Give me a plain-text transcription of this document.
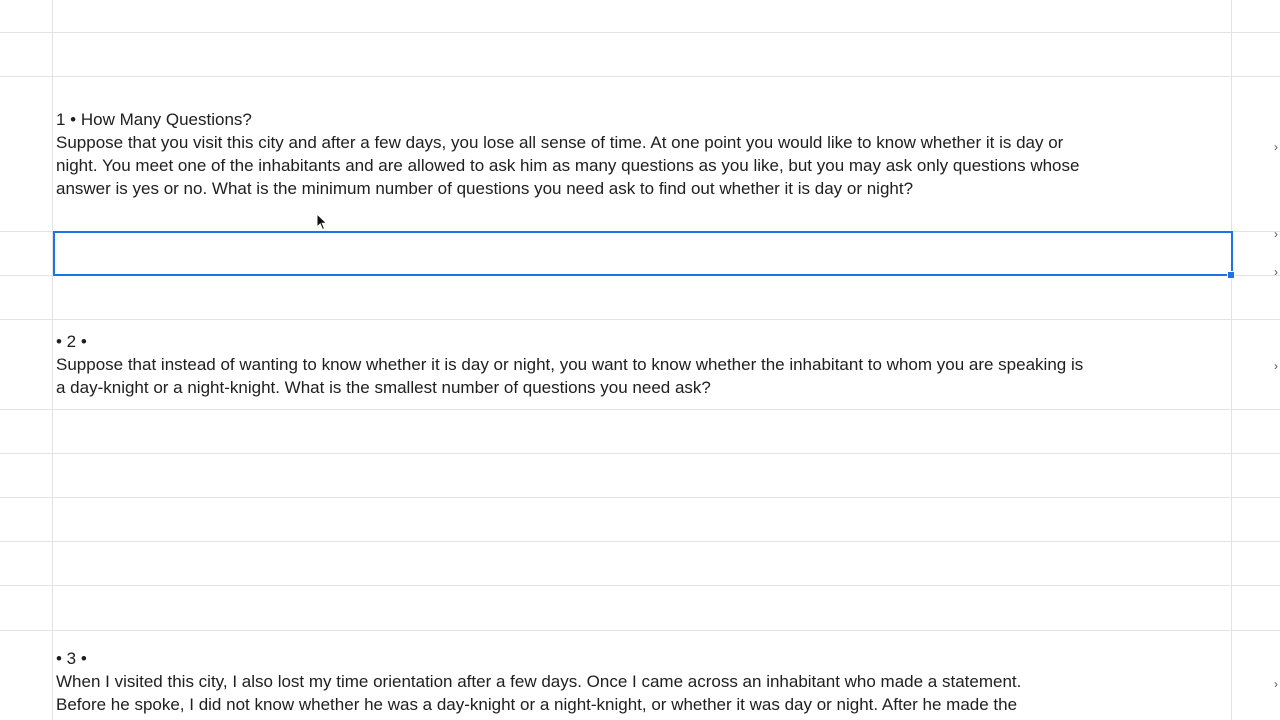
1 • How Many Questions?
Suppose that you visit this city and after a few days, you lose all sense of time. At one point you would like to know whether it is day or
night. You meet one of the inhabitants and are allowed to ask him as many questions as you like, but you may ask only questions whose
answer is yes or no. What is the minimum number of questions you need ask to find out whether it is day or night?
• 2 •
Suppose that instead of wanting to know whether it is day or night, you want to know whether the inhabitant to whom you are speaking is
a day-knight or a night-knight. What is the smallest number of questions you need ask?
• 3 •
When I visited this city, I also lost my time orientation after a few days. Once I came across an inhabitant who made a statement.
Before he spoke, I did not know whether he was a day-knight or a night-knight, or whether it was day or night. After he made the
›
›
›
›
›
